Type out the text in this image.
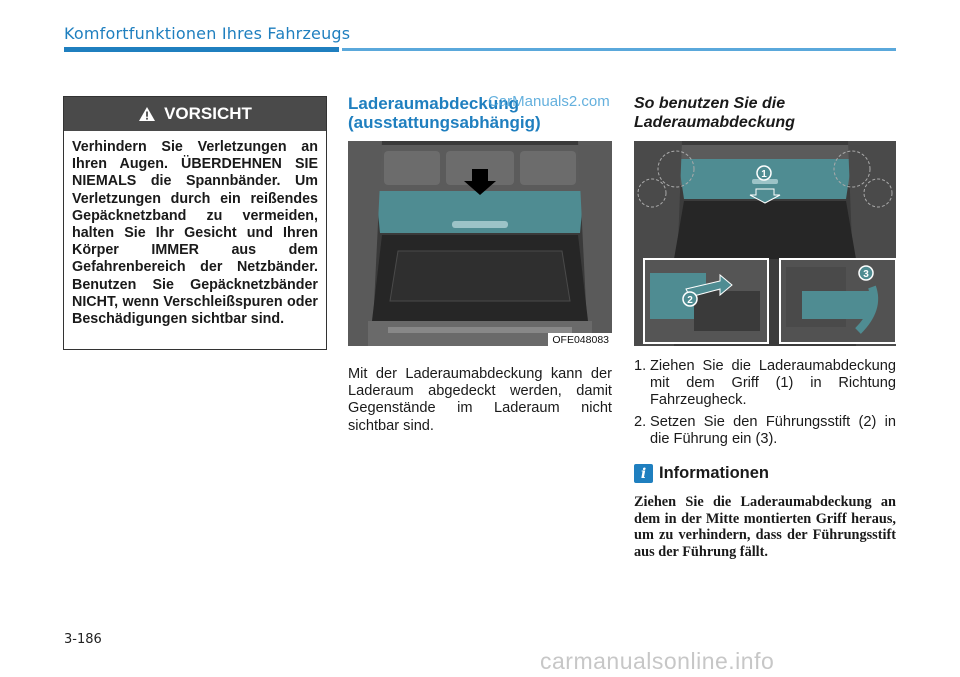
Komfortfunktionen Ihres Fahrzeugs
VORSICHT
Verhindern Sie Verletzungen an Ihren Augen. ÜBERDEHNEN SIE NIEMALS die Spannbänder. Um Verletzungen durch ein reißendes Gepäcknetzband zu vermeiden, halten Sie Ihr Gesicht und Ihren Körper IMMER aus dem Gefahrenbereich der Netzbänder. Benutzen Sie Gepäcknetzbänder NICHT, wenn Verschleißspuren oder Beschädigungen sichtbar sind.
Laderaumabdeckung (ausstattungsabhängig)
CarManuals2.com
OFE048083
Mit der Laderaumabdeckung kann der Laderaum abgedeckt werden, damit Gegenstände im Laderaum nicht sichtbar sind.
So benutzen Sie die Laderaumabdeckung
1
2
3
1. Ziehen Sie die Laderaumabdeckung mit dem Griff (1) in Richtung Fahrzeugheck.
2. Setzen Sie den Führungsstift (2) in die Führung ein (3).
i Informationen
Ziehen Sie die Laderaumabdeckung an dem in der Mitte montierten Griff heraus, um zu verhindern, dass der Führungsstift aus der Führung fällt.
3-186
carmanualsonline.info
